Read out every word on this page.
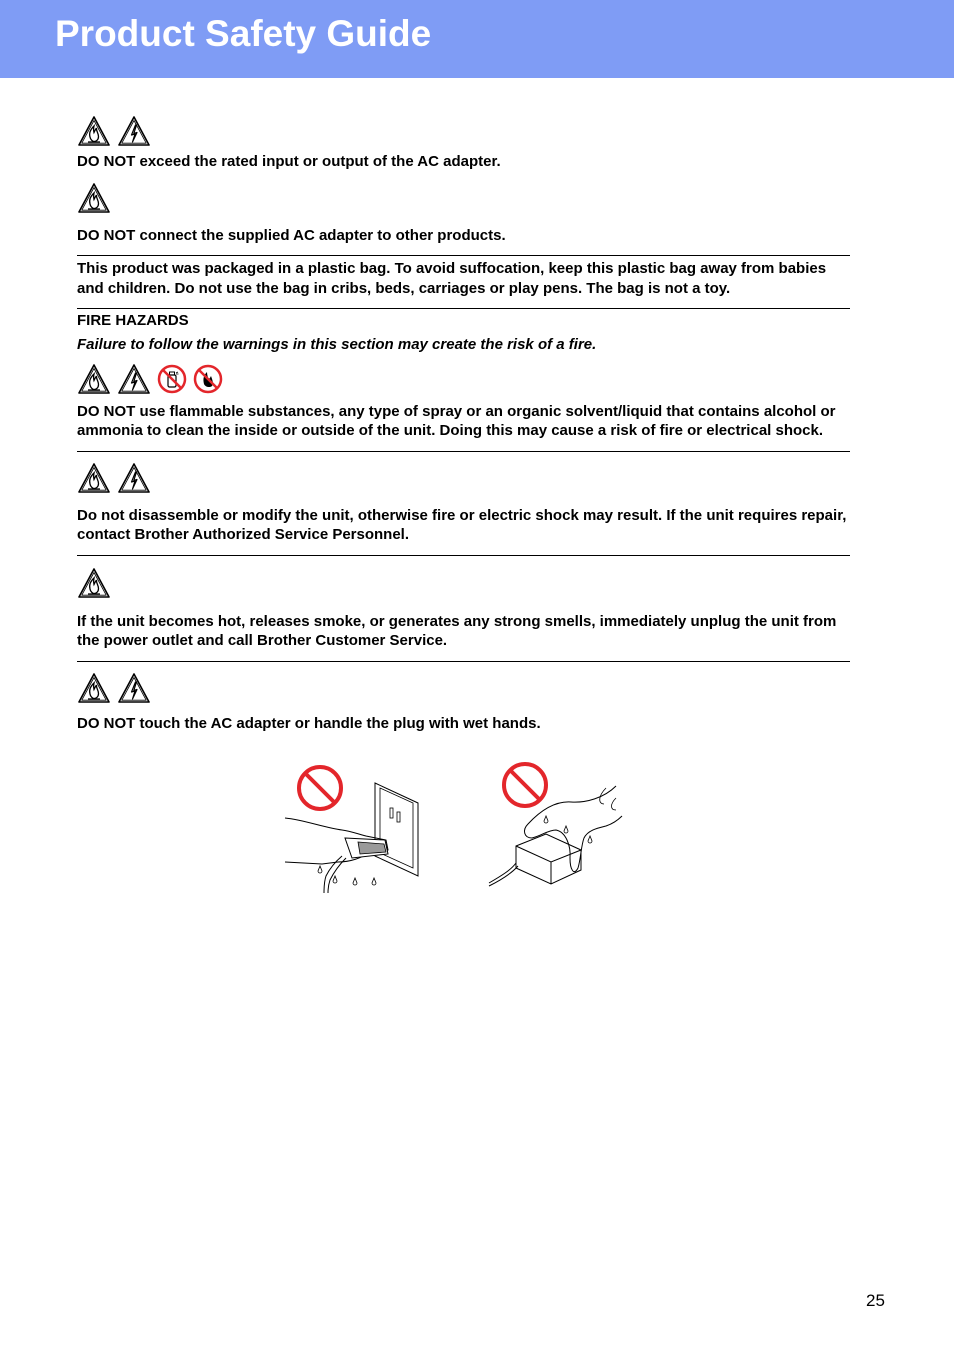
Product Safety Guide
DO NOT exceed the rated input or output of the AC adapter.
DO NOT connect the supplied AC adapter to other products.
This product was packaged in a plastic bag. To avoid suffocation, keep this plastic bag away from babies and children. Do not use the bag in cribs, beds, carriages or play pens. The bag is not a toy.
FIRE HAZARDS
Failure to follow the warnings in this section may create the risk of a fire.
DO NOT use flammable substances, any type of spray or an organic solvent/liquid that contains alcohol or ammonia to clean the inside or outside of the unit. Doing this may cause a risk of fire or electrical shock.
Do not disassemble or modify the unit, otherwise fire or electric shock may result. If the unit requires repair, contact Brother Authorized Service Personnel.
If the unit becomes hot, releases smoke, or generates any strong smells, immediately unplug the unit from the power outlet and call Brother Customer Service.
DO NOT touch the AC adapter or handle the plug with wet hands.
25
